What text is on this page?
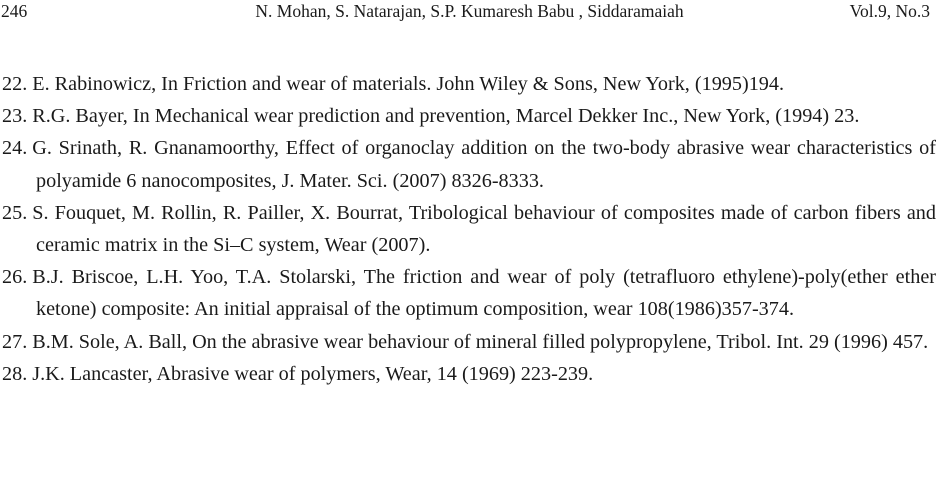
246	N. Mohan, S. Natarajan, S.P. Kumaresh Babu , Siddaramaiah	Vol.9, No.3
22. E. Rabinowicz, In Friction and wear of materials. John Wiley & Sons, New York, (1995)194.
23. R.G. Bayer, In Mechanical wear prediction and prevention, Marcel Dekker Inc., New York, (1994) 23.
24. G. Srinath, R. Gnanamoorthy, Effect of organoclay addition on the two-body abrasive wear characteristics of polyamide 6 nanocomposites, J. Mater. Sci. (2007) 8326-8333.
25. S. Fouquet, M. Rollin, R. Pailler, X. Bourrat, Tribological behaviour of composites made of carbon fibers and ceramic matrix in the Si–C system, Wear (2007).
26. B.J. Briscoe, L.H. Yoo, T.A. Stolarski, The friction and wear of poly (tetrafluoro ethylene)-poly(ether ether ketone) composite: An initial appraisal of the optimum composition, wear 108(1986)357-374.
27. B.M. Sole, A. Ball, On the abrasive wear behaviour of mineral filled polypropylene, Tribol. Int. 29 (1996) 457.
28. J.K. Lancaster, Abrasive wear of polymers, Wear, 14 (1969) 223-239.
